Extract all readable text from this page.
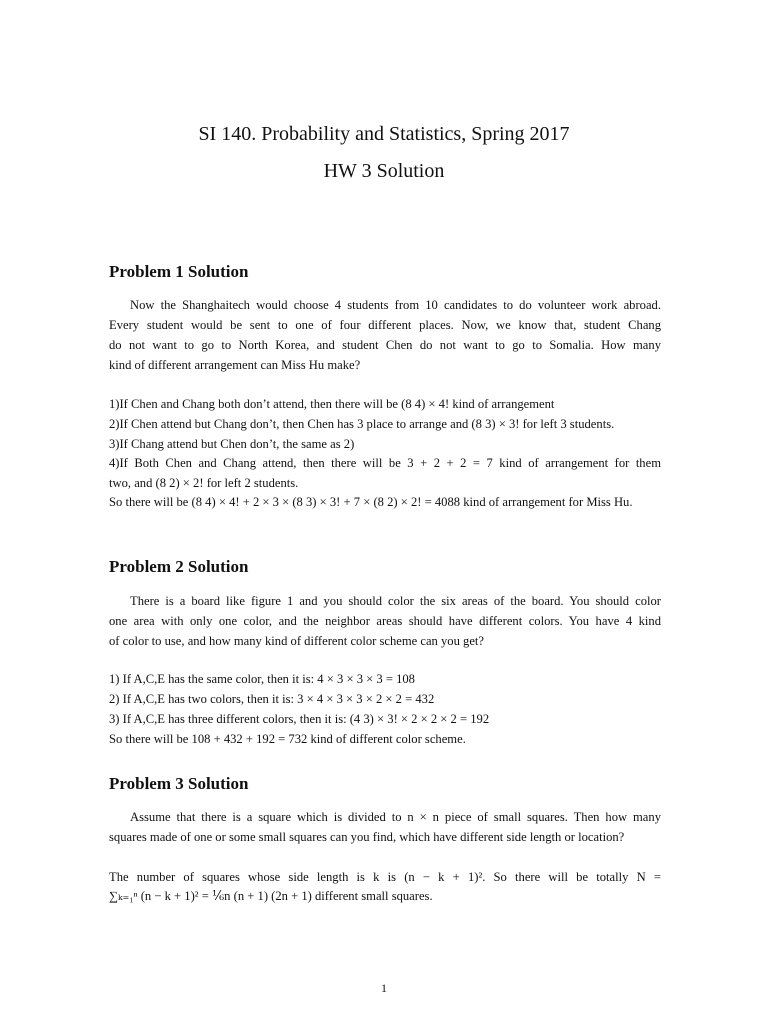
SI 140. Probability and Statistics, Spring 2017
HW 3 Solution
Problem 1 Solution
Now the Shanghaitech would choose 4 students from 10 candidates to do volunteer work abroad.
Every student would be sent to one of four different places. Now, we know that, student Chang
do not want to go to North Korea, and student Chen do not want to go to Somalia. How many
kind of different arrangement can Miss Hu make?
1)If Chen and Chang both don’t attend, then there will be (8 4) × 4! kind of arrangement
2)If Chen attend but Chang don’t, then Chen has 3 place to arrange and (8 3) × 3! for left 3 students.
3)If Chang attend but Chen don’t, the same as 2)
4)If Both Chen and Chang attend, then there will be 3 + 2 + 2 = 7 kind of arrangement for them
two, and (8 2) × 2! for left 2 students.
So there will be (8 4) × 4! + 2 × 3 × (8 3) × 3! + 7 × (8 2) × 2! = 4088 kind of arrangement for Miss Hu.
Problem 2 Solution
There is a board like figure 1 and you should color the six areas of the board. You should color
one area with only one color, and the neighbor areas should have different colors. You have 4 kind
of color to use, and how many kind of different color scheme can you get?
1) If A,C,E has the same color, then it is: 4 × 3 × 3 × 3 = 108
2) If A,C,E has two colors, then it is: 3 × 4 × 3 × 3 × 2 × 2 = 432
3) If A,C,E has three different colors, then it is: (4 3) × 3! × 2 × 2 × 2 = 192
So there will be 108 + 432 + 192 = 732 kind of different color scheme.
Problem 3 Solution
Assume that there is a square which is divided to n × n piece of small squares. Then how many
squares made of one or some small squares can you find, which have different side length or location?
The number of squares whose side length is k is (n − k + 1)². So there will be totally N =
∑ₖ₌₁ⁿ (n − k + 1)² = ⅙n (n + 1) (2n + 1) different small squares.
1
